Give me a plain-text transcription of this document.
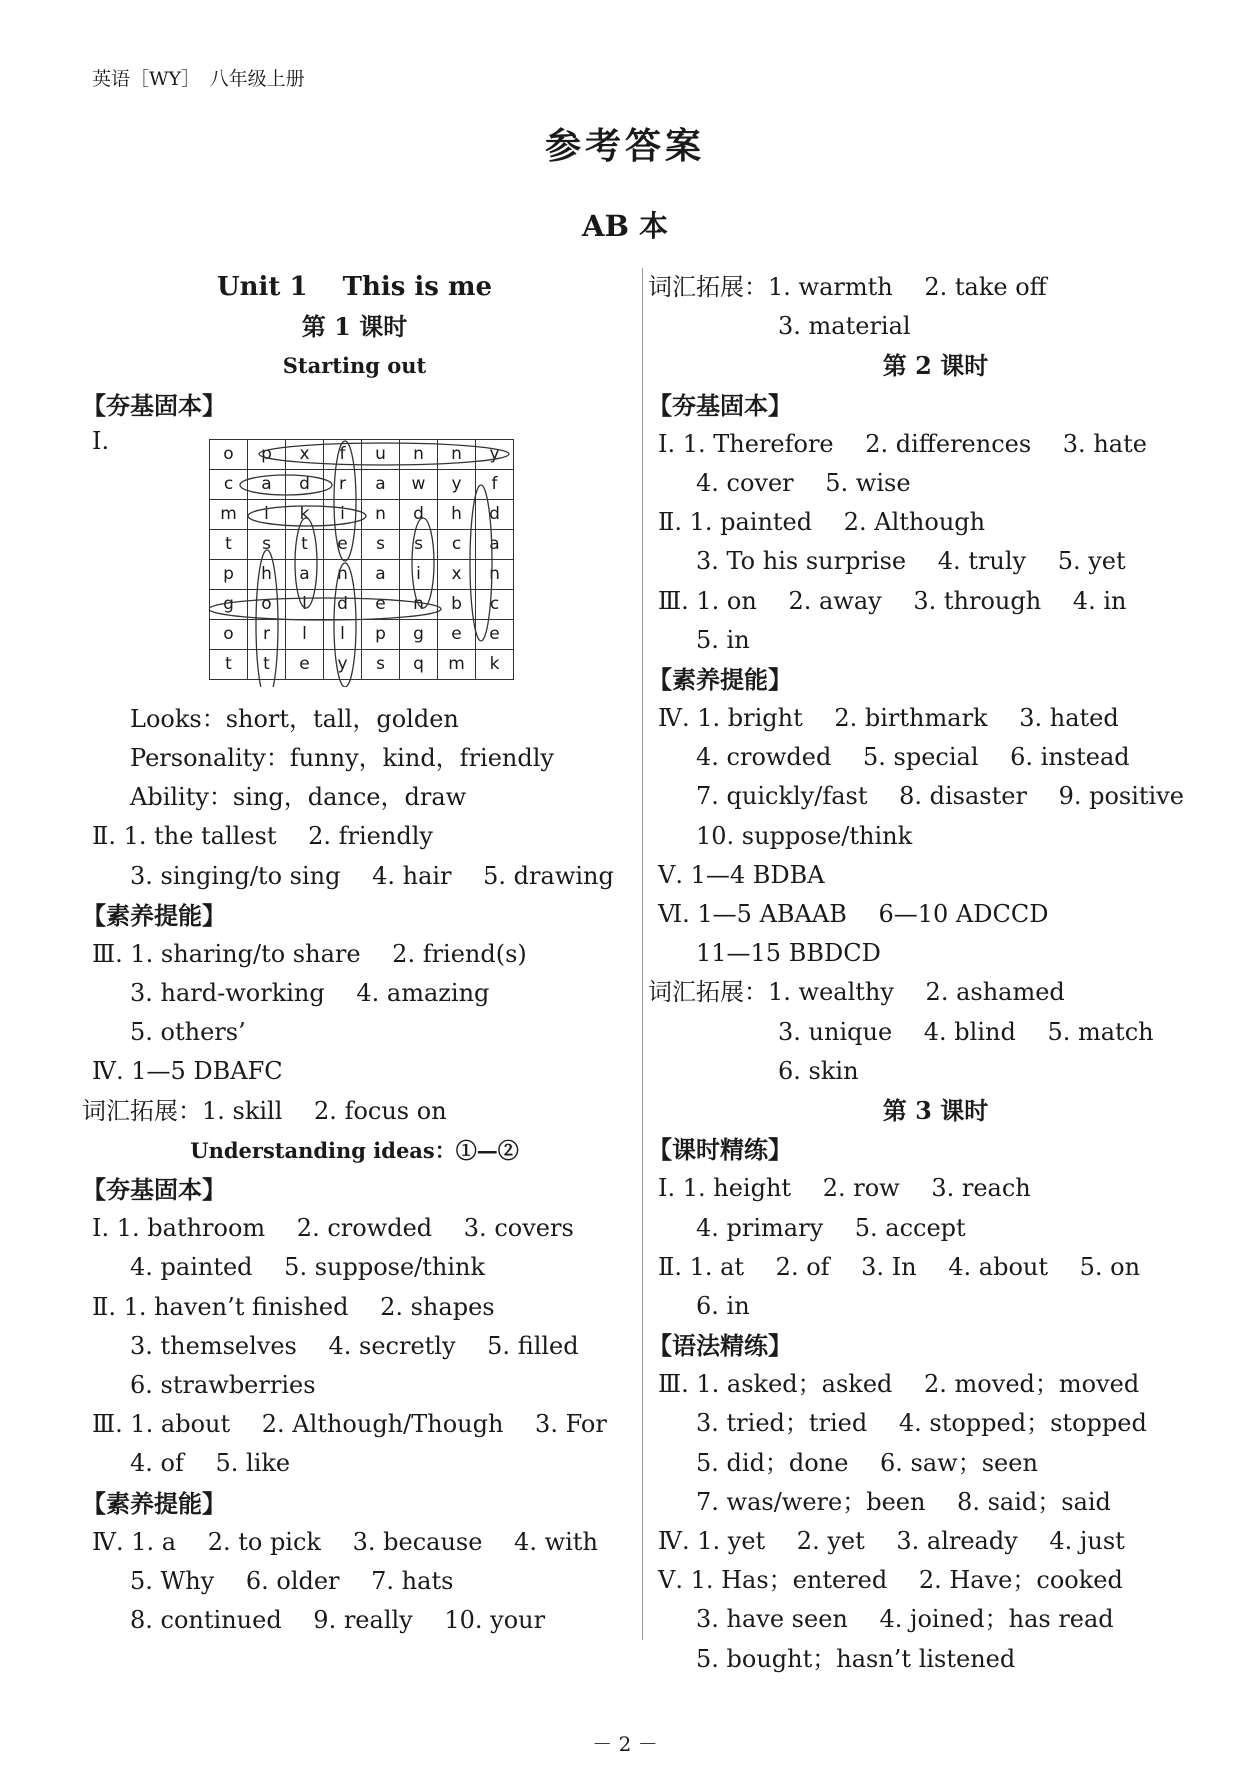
英语［WY］　八年级上册
参考答案
AB 本
Unit 1　 This is me
第 1 课时
Starting out
【夯基固本】
Ⅰ.	o	p	x	f	u	n	n	y
c	a	d	r	a	w	y	f
m	i	k	i	n	d	h	d
t	s	t	e	s	s	c	a
p	h	a	n	a	i	x	n
g	o	l	d	e	n	b	c
o	r	l	l	p	g	e	e
t	t	e	y	s	q	m	k
Looks：short，tall，golden
Personality：funny，kind，friendly
Ability：sing，dance，draw
Ⅱ. 1. the tallest　 2. friendly
3. singing/to sing　 4. hair　 5. drawing
【素养提能】
Ⅲ. 1. sharing/to share　 2. friend(s)
3. hard-working　 4. amazing
5. others’
Ⅳ. 1—5 DBAFC
词汇拓展：1. skill　 2. focus on
Understanding ideas：①—②
【夯基固本】
Ⅰ. 1. bathroom　 2. crowded　 3. covers
4. painted　 5. suppose/think
Ⅱ. 1. haven’t finished　 2. shapes
3. themselves　 4. secretly　 5. filled
6. strawberries
Ⅲ. 1. about　 2. Although/Though　 3. For
4. of　 5. like
【素养提能】
Ⅳ. 1. a　 2. to pick　 3. because　 4. with
5. Why　 6. older　 7. hats
8. continued　 9. really　 10. your
词汇拓展：1. warmth　 2. take off
3. material
第 2 课时
【夯基固本】
Ⅰ. 1. Therefore　 2. differences　 3. hate
4. cover　 5. wise
Ⅱ. 1. painted　 2. Although
3. To his surprise　 4. truly　 5. yet
Ⅲ. 1. on　 2. away　 3. through　 4. in
5. in
【素养提能】
Ⅳ. 1. bright　 2. birthmark　 3. hated
4. crowded　 5. special　 6. instead
7. quickly/fast　 8. disaster　 9. positive
10. suppose/think
Ⅴ. 1—4 BDBA
Ⅵ. 1—5 ABAAB　 6—10 ADCCD
11—15 BBDCD
词汇拓展：1. wealthy　 2. ashamed
3. unique　 4. blind　 5. match
6. skin
第 3 课时
【课时精练】
Ⅰ. 1. height　 2. row　 3. reach
4. primary　 5. accept
Ⅱ. 1. at　 2. of　 3. In　 4. about　 5. on
6. in
【语法精练】
Ⅲ. 1. asked；asked　 2. moved；moved
3. tried；tried　 4. stopped；stopped
5. did；done　 6. saw；seen
7. was/were；been　 8. said；said
Ⅳ. 1. yet　 2. yet　 3. already　 4. just
Ⅴ. 1. Has；entered　 2. Have；cooked
3. have seen　 4. joined；has read
5. bought；hasn’t listened
－ 2 －
